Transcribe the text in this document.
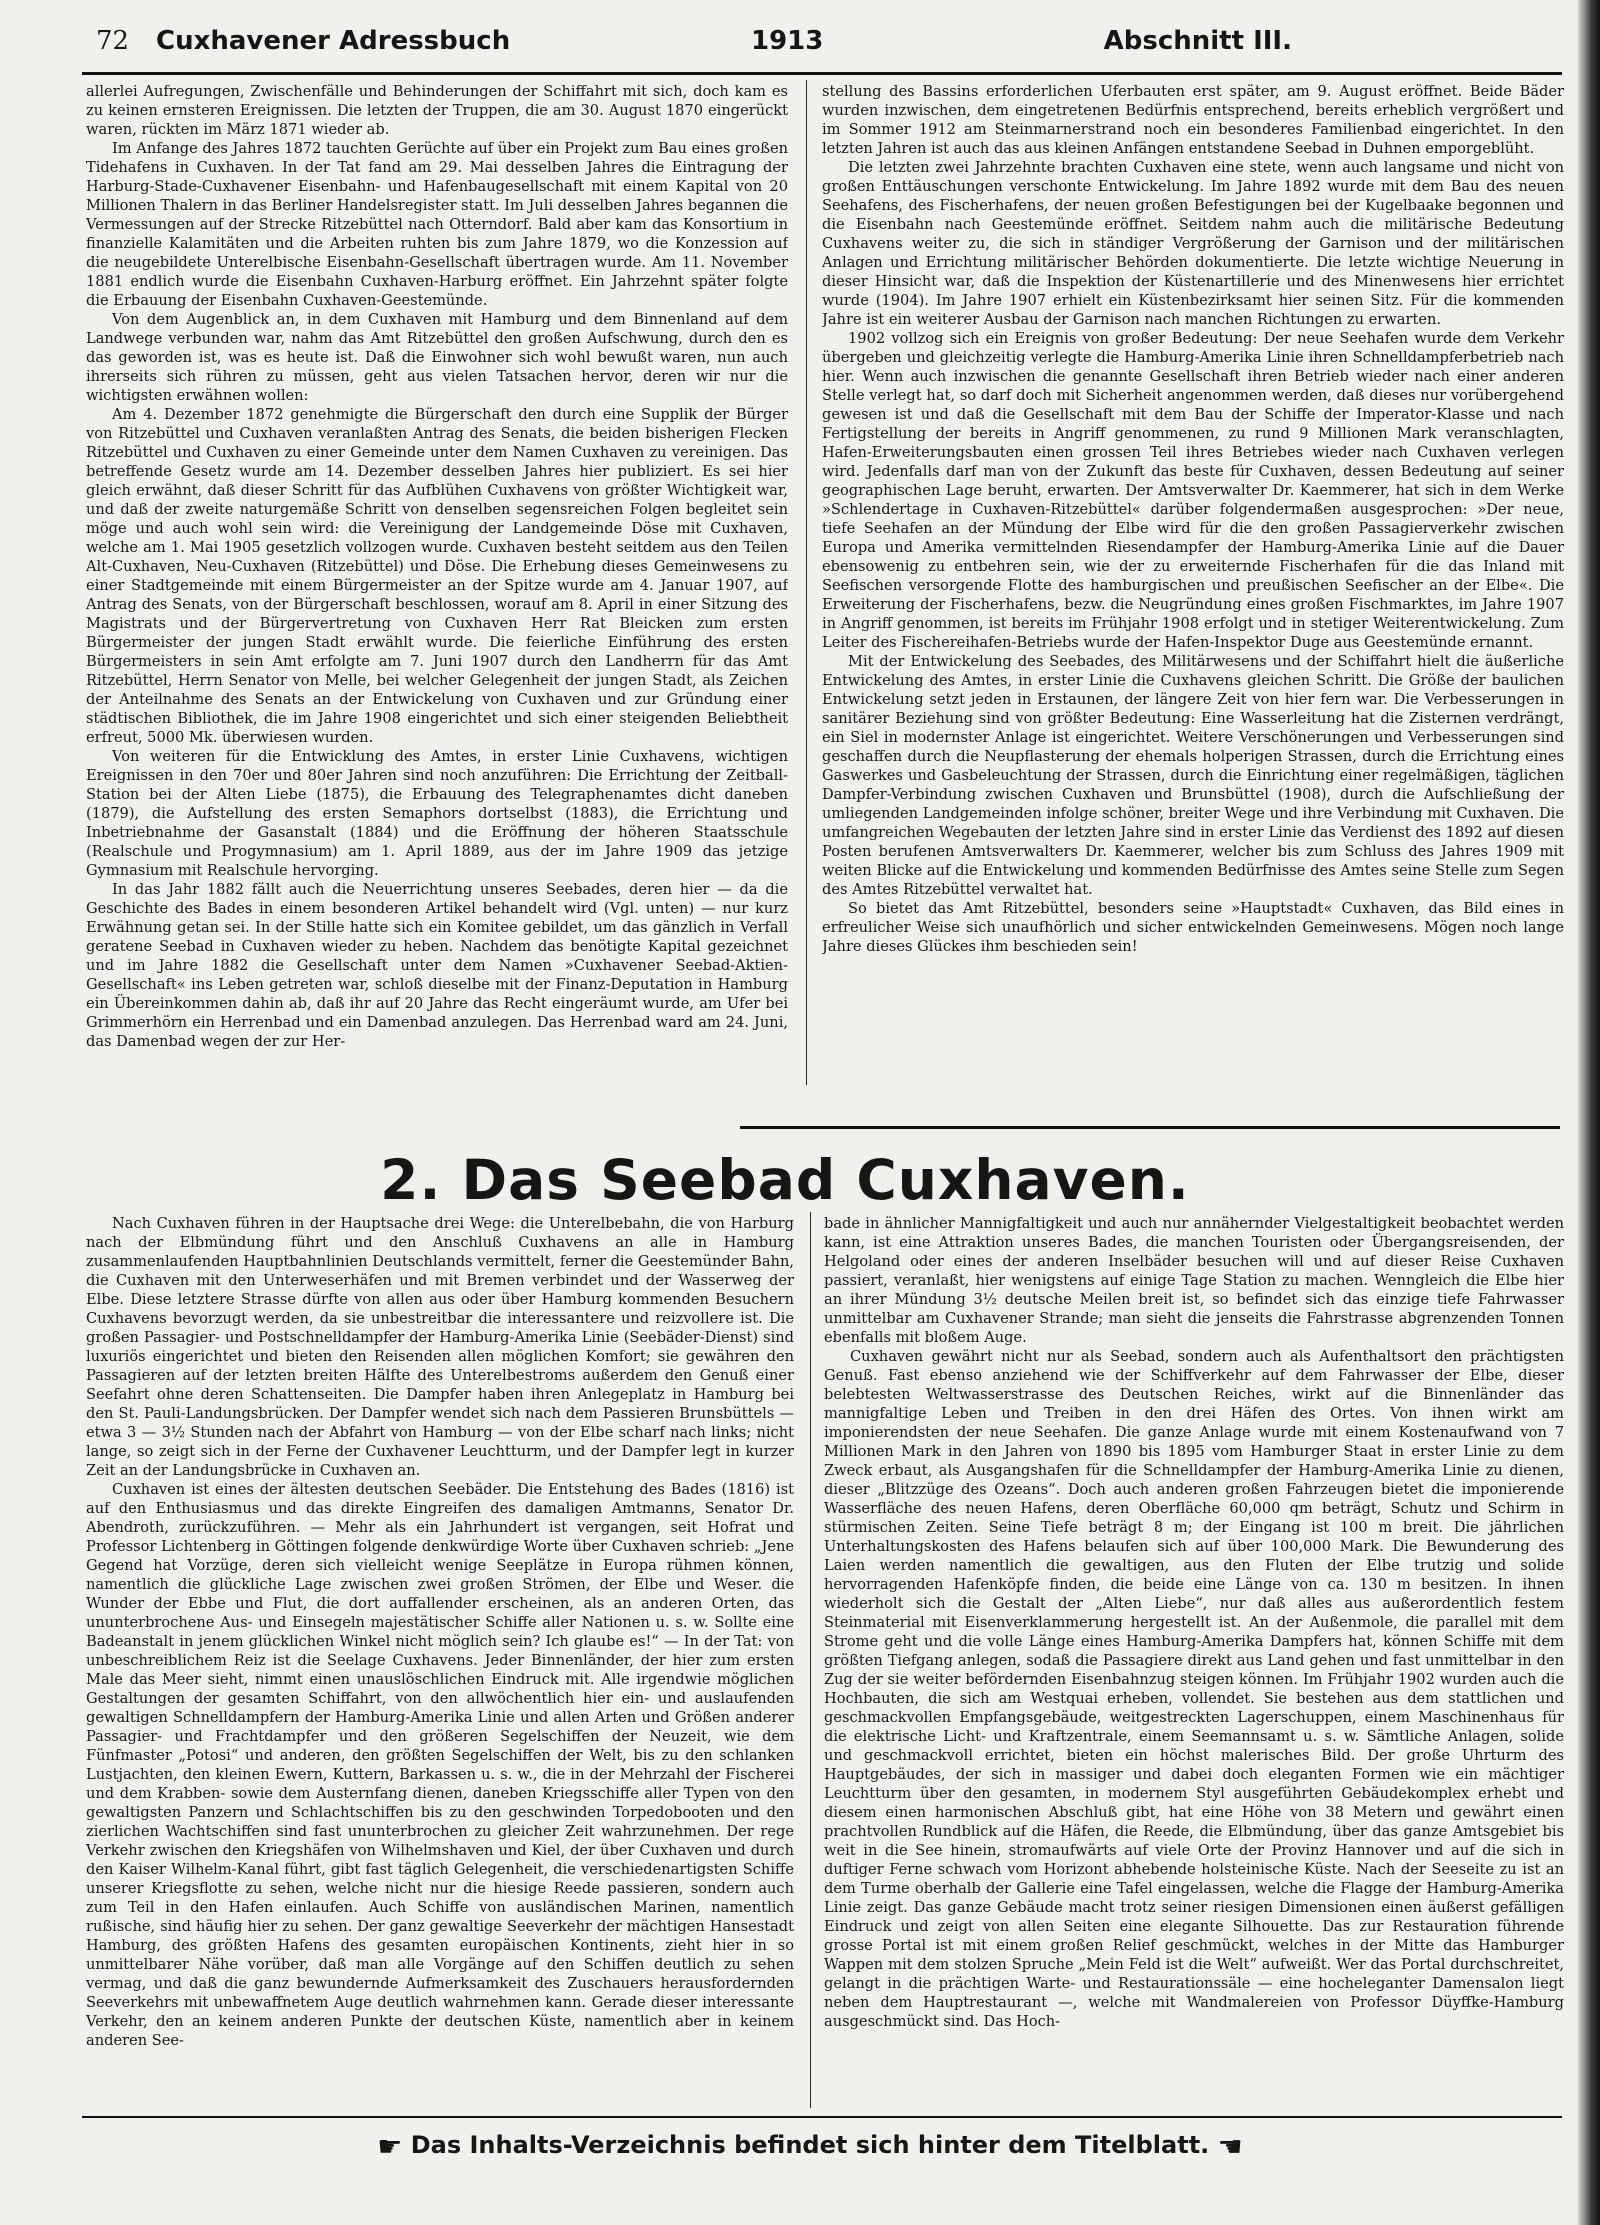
72 Cuxhavener Adressbuch	1913	Abschnitt III.

allerlei Aufregungen, Zwischenfälle und Behinderungen der Schiffahrt mit sich, doch kam es zu keinen ernsteren Ereignissen. Die letzten der Truppen, die am 30. August 1870 eingerückt waren, rückten im März 1871 wieder ab.

Im Anfange des Jahres 1872 tauchten Gerüchte auf über ein Projekt zum Bau eines großen Tidehafens in Cuxhaven. In der Tat fand am 29. Mai desselben Jahres die Eintragung der Harburg-Stade-Cuxhavener Eisenbahn- und Hafenbaugesellschaft mit einem Kapital von 20 Millionen Thalern in das Berliner Handelsregister statt. Im Juli desselben Jahres begannen die Vermessungen auf der Strecke Ritzebüttel nach Otterndorf. Bald aber kam das Konsortium in finanzielle Kalamitäten und die Arbeiten ruhten bis zum Jahre 1879, wo die Konzession auf die neugebildete Unterelbische Eisenbahn-Gesellschaft übertragen wurde. Am 11. November 1881 endlich wurde die Eisenbahn Cuxhaven-Harburg eröffnet. Ein Jahrzehnt später folgte die Erbauung der Eisenbahn Cuxhaven-Geestemünde.

Von dem Augenblick an, in dem Cuxhaven mit Hamburg und dem Binnenland auf dem Landwege verbunden war, nahm das Amt Ritzebüttel den großen Aufschwung, durch den es das geworden ist, was es heute ist. Daß die Einwohner sich wohl bewußt waren, nun auch ihrerseits sich rühren zu müssen, geht aus vielen Tatsachen hervor, deren wir nur die wichtigsten erwähnen wollen:

Am 4. Dezember 1872 genehmigte die Bürgerschaft den durch eine Supplik der Bürger von Ritzebüttel und Cuxhaven veranlaßten Antrag des Senats, die beiden bisherigen Flecken Ritzebüttel und Cuxhaven zu einer Gemeinde unter dem Namen Cuxhaven zu vereinigen. Das betreffende Gesetz wurde am 14. Dezember desselben Jahres hier publiziert. Es sei hier gleich erwähnt, daß dieser Schritt für das Aufblühen Cuxhavens von größter Wichtigkeit war, und daß der zweite naturgemäße Schritt von denselben segensreichen Folgen begleitet sein möge und auch wohl sein wird: die Vereinigung der Landgemeinde Döse mit Cuxhaven, welche am 1. Mai 1905 gesetzlich vollzogen wurde. Cuxhaven besteht seitdem aus den Teilen Alt-Cuxhaven, Neu-Cuxhaven (Ritzebüttel) und Döse. Die Erhebung dieses Gemeinwesens zu einer Stadtgemeinde mit einem Bürgermeister an der Spitze wurde am 4. Januar 1907, auf Antrag des Senats, von der Bürgerschaft beschlossen, worauf am 8. April in einer Sitzung des Magistrats und der Bürgervertretung von Cuxhaven Herr Rat Bleicken zum ersten Bürgermeister der jungen Stadt erwählt wurde. Die feierliche Einführung des ersten Bürgermeisters in sein Amt erfolgte am 7. Juni 1907 durch den Landherrn für das Amt Ritzebüttel, Herrn Senator von Melle, bei welcher Gelegenheit der jungen Stadt, als Zeichen der Anteilnahme des Senats an der Entwickelung von Cuxhaven und zur Gründung einer städtischen Bibliothek, die im Jahre 1908 eingerichtet und sich einer steigenden Beliebtheit erfreut, 5000 Mk. überwiesen wurden.

Von weiteren für die Entwicklung des Amtes, in erster Linie Cuxhavens, wichtigen Ereignissen in den 70er und 80er Jahren sind noch anzuführen: Die Errichtung der Zeitball-Station bei der Alten Liebe (1875), die Erbauung des Telegraphenamtes dicht daneben (1879), die Aufstellung des ersten Semaphors dortselbst (1883), die Errichtung und Inbetriebnahme der Gasanstalt (1884) und die Eröffnung der höheren Staatsschule (Realschule und Progymnasium) am 1. April 1889, aus der im Jahre 1909 das jetzige Gymnasium mit Realschule hervorging.

In das Jahr 1882 fällt auch die Neuerrichtung unseres Seebades, deren hier — da die Geschichte des Bades in einem besonderen Artikel behandelt wird (Vgl. unten) — nur kurz Erwähnung getan sei. In der Stille hatte sich ein Komitee gebildet, um das gänzlich in Verfall geratene Seebad in Cuxhaven wieder zu heben. Nachdem das benötigte Kapital gezeichnet und im Jahre 1882 die Gesellschaft unter dem Namen »Cuxhavener Seebad-Aktien-Gesellschaft« ins Leben getreten war, schloß dieselbe mit der Finanz-Deputation in Hamburg ein Übereinkommen dahin ab, daß ihr auf 20 Jahre das Recht eingeräumt wurde, am Ufer bei Grimmerhörn ein Herrenbad und ein Damenbad anzulegen. Das Herrenbad ward am 24. Juni, das Damenbad wegen der zur Her-

stellung des Bassins erforderlichen Uferbauten erst später, am 9. August eröffnet. Beide Bäder wurden inzwischen, dem eingetretenen Bedürfnis entsprechend, bereits erheblich vergrößert und im Sommer 1912 am Steinmarnerstrand noch ein besonderes Familienbad eingerichtet. In den letzten Jahren ist auch das aus kleinen Anfängen entstandene Seebad in Duhnen emporgeblüht.

Die letzten zwei Jahrzehnte brachten Cuxhaven eine stete, wenn auch langsame und nicht von großen Enttäuschungen verschonte Entwickelung. Im Jahre 1892 wurde mit dem Bau des neuen Seehafens, des Fischerhafens, der neuen großen Befestigungen bei der Kugelbaake begonnen und die Eisenbahn nach Geestemünde eröffnet. Seitdem nahm auch die militärische Bedeutung Cuxhavens weiter zu, die sich in ständiger Vergrößerung der Garnison und der militärischen Anlagen und Errichtung militärischer Behörden dokumentierte. Die letzte wichtige Neuerung in dieser Hinsicht war, daß die Inspektion der Küstenartillerie und des Minenwesens hier errichtet wurde (1904). Im Jahre 1907 erhielt ein Küstenbezirksamt hier seinen Sitz. Für die kommenden Jahre ist ein weiterer Ausbau der Garnison nach manchen Richtungen zu erwarten.

1902 vollzog sich ein Ereignis von großer Bedeutung: Der neue Seehafen wurde dem Verkehr übergeben und gleichzeitig verlegte die Hamburg-Amerika Linie ihren Schnelldampferbetrieb nach hier. Wenn auch inzwischen die genannte Gesellschaft ihren Betrieb wieder nach einer anderen Stelle verlegt hat, so darf doch mit Sicherheit angenommen werden, daß dieses nur vorübergehend gewesen ist und daß die Gesellschaft mit dem Bau der Schiffe der Imperator-Klasse und nach Fertigstellung der bereits in Angriff genommenen, zu rund 9 Millionen Mark veranschlagten, Hafen-Erweiterungsbauten einen grossen Teil ihres Betriebes wieder nach Cuxhaven verlegen wird. Jedenfalls darf man von der Zukunft das beste für Cuxhaven, dessen Bedeutung auf seiner geographischen Lage beruht, erwarten. Der Amtsverwalter Dr. Kaemmerer, hat sich in dem Werke »Schlendertage in Cuxhaven-Ritzebüttel« darüber folgendermaßen ausgesprochen: »Der neue, tiefe Seehafen an der Mündung der Elbe wird für die den großen Passagierverkehr zwischen Europa und Amerika vermittelnden Riesendampfer der Hamburg-Amerika Linie auf die Dauer ebensowenig zu entbehren sein, wie der zu erweiternde Fischerhafen für die das Inland mit Seefischen versorgende Flotte des hamburgischen und preußischen Seefischer an der Elbe«. Die Erweiterung der Fischerhafens, bezw. die Neugründung eines großen Fischmarktes, im Jahre 1907 in Angriff genommen, ist bereits im Frühjahr 1908 erfolgt und in stetiger Weiterentwickelung. Zum Leiter des Fischereihafen-Betriebs wurde der Hafen-Inspektor Duge aus Geestemünde ernannt.

Mit der Entwickelung des Seebades, des Militärwesens und der Schiffahrt hielt die äußerliche Entwickelung des Amtes, in erster Linie die Cuxhavens gleichen Schritt. Die Größe der baulichen Entwickelung setzt jeden in Erstaunen, der längere Zeit von hier fern war. Die Verbesserungen in sanitärer Beziehung sind von größter Bedeutung: Eine Wasserleitung hat die Zisternen verdrängt, ein Siel in modernster Anlage ist eingerichtet. Weitere Verschönerungen und Verbesserungen sind geschaffen durch die Neupflasterung der ehemals holperigen Strassen, durch die Errichtung eines Gaswerkes und Gasbeleuchtung der Strassen, durch die Einrichtung einer regelmäßigen, täglichen Dampfer-Verbindung zwischen Cuxhaven und Brunsbüttel (1908), durch die Aufschließung der umliegenden Landgemeinden infolge schöner, breiter Wege und ihre Verbindung mit Cuxhaven. Die umfangreichen Wegebauten der letzten Jahre sind in erster Linie das Verdienst des 1892 auf diesen Posten berufenen Amtsverwalters Dr. Kaemmerer, welcher bis zum Schluss des Jahres 1909 mit weiten Blicke auf die Entwickelung und kommenden Bedürfnisse des Amtes seine Stelle zum Segen des Amtes Ritzebüttel verwaltet hat.

So bietet das Amt Ritzebüttel, besonders seine »Hauptstadt« Cuxhaven, das Bild eines in erfreulicher Weise sich unaufhörlich und sicher entwickelnden Gemeinwesens. Mögen noch lange Jahre dieses Glückes ihm beschieden sein!

2. Das Seebad Cuxhaven.

Nach Cuxhaven führen in der Hauptsache drei Wege: die Unterelbebahn, die von Harburg nach der Elbmündung führt und den Anschluß Cuxhavens an alle in Hamburg zusammenlaufenden Hauptbahnlinien Deutschlands vermittelt, ferner die Geestemünder Bahn, die Cuxhaven mit den Unterweserhäfen und mit Bremen verbindet und der Wasserweg der Elbe. Diese letztere Strasse dürfte von allen aus oder über Hamburg kommenden Besuchern Cuxhavens bevorzugt werden, da sie unbestreitbar die interessantere und reizvollere ist. Die großen Passagier- und Postschnelldampfer der Hamburg-Amerika Linie (Seebäder-Dienst) sind luxuriös eingerichtet und bieten den Reisenden allen möglichen Komfort; sie gewähren den Passagieren auf der letzten breiten Hälfte des Unterelbestroms außerdem den Genuß einer Seefahrt ohne deren Schattenseiten. Die Dampfer haben ihren Anlegeplatz in Hamburg bei den St. Pauli-Landungsbrücken. Der Dampfer wendet sich nach dem Passieren Brunsbüttels — etwa 3 — 3½ Stunden nach der Abfahrt von Hamburg — von der Elbe scharf nach links; nicht lange, so zeigt sich in der Ferne der Cuxhavener Leuchtturm, und der Dampfer legt in kurzer Zeit an der Landungsbrücke in Cuxhaven an.

Cuxhaven ist eines der ältesten deutschen Seebäder. Die Entstehung des Bades (1816) ist auf den Enthusiasmus und das direkte Eingreifen des damaligen Amtmanns, Senator Dr. Abendroth, zurückzuführen. — Mehr als ein Jahrhundert ist vergangen, seit Hofrat und Professor Lichtenberg in Göttingen folgende denkwürdige Worte über Cuxhaven schrieb: „Jene Gegend hat Vorzüge, deren sich vielleicht wenige Seeplätze in Europa rühmen können, namentlich die glückliche Lage zwischen zwei großen Strömen, der Elbe und Weser. die Wunder der Ebbe und Flut, die dort auffallender erscheinen, als an anderen Orten, das ununterbrochene Aus- und Einsegeln majestätischer Schiffe aller Nationen u. s. w. Sollte eine Badeanstalt in jenem glücklichen Winkel nicht möglich sein? Ich glaube es!“ — In der Tat: von unbeschreiblichem Reiz ist die Seelage Cuxhavens. Jeder Binnenländer, der hier zum ersten Male das Meer sieht, nimmt einen unauslöschlichen Eindruck mit. Alle irgendwie möglichen Gestaltungen der gesamten Schiffahrt, von den allwöchentlich hier ein- und auslaufenden gewaltigen Schnelldampfern der Hamburg-Amerika Linie und allen Arten und Größen anderer Passagier- und Frachtdampfer und den größeren Segelschiffen der Neuzeit, wie dem Fünfmaster „Potosi“ und anderen, den größten Segelschiffen der Welt, bis zu den schlanken Lustjachten, den kleinen Ewern, Kuttern, Barkassen u. s. w., die in der Mehrzahl der Fischerei und dem Krabben- sowie dem Austernfang dienen, daneben Kriegsschiffe aller Typen von den gewaltigsten Panzern und Schlachtschiffen bis zu den geschwinden Torpedobooten und den zierlichen Wachtschiffen sind fast ununterbrochen zu gleicher Zeit wahrzunehmen. Der rege Verkehr zwischen den Kriegshäfen von Wilhelmshaven und Kiel, der über Cuxhaven und durch den Kaiser Wilhelm-Kanal führt, gibt fast täglich Gelegenheit, die verschiedenartigsten Schiffe unserer Kriegsflotte zu sehen, welche nicht nur die hiesige Reede passieren, sondern auch zum Teil in den Hafen einlaufen. Auch Schiffe von ausländischen Marinen, namentlich rußische, sind häufig hier zu sehen. Der ganz gewaltige Seeverkehr der mächtigen Hansestadt Hamburg, des größten Hafens des gesamten europäischen Kontinents, zieht hier in so unmittelbarer Nähe vorüber, daß man alle Vorgänge auf den Schiffen deutlich zu sehen vermag, und daß die ganz bewundernde Aufmerksamkeit des Zuschauers herausfordernden Seeverkehrs mit unbewaffnetem Auge deutlich wahrnehmen kann. Gerade dieser interessante Verkehr, den an keinem anderen Punkte der deutschen Küste, namentlich aber in keinem anderen See-

bade in ähnlicher Mannigfaltigkeit und auch nur annähernder Vielgestaltigkeit beobachtet werden kann, ist eine Attraktion unseres Bades, die manchen Touristen oder Übergangsreisenden, der Helgoland oder eines der anderen Inselbäder besuchen will und auf dieser Reise Cuxhaven passiert, veranlaßt, hier wenigstens auf einige Tage Station zu machen. Wenngleich die Elbe hier an ihrer Mündung 3½ deutsche Meilen breit ist, so befindet sich das einzige tiefe Fahrwasser unmittelbar am Cuxhavener Strande; man sieht die jenseits die Fahrstrasse abgrenzenden Tonnen ebenfalls mit bloßem Auge.

Cuxhaven gewährt nicht nur als Seebad, sondern auch als Aufenthaltsort den prächtigsten Genuß. Fast ebenso anziehend wie der Schiffverkehr auf dem Fahrwasser der Elbe, dieser belebtesten Weltwasserstrasse des Deutschen Reiches, wirkt auf die Binnenländer das mannigfaltige Leben und Treiben in den drei Häfen des Ortes. Von ihnen wirkt am imponierendsten der neue Seehafen. Die ganze Anlage wurde mit einem Kostenaufwand von 7 Millionen Mark in den Jahren von 1890 bis 1895 vom Hamburger Staat in erster Linie zu dem Zweck erbaut, als Ausgangshafen für die Schnelldampfer der Hamburg-Amerika Linie zu dienen, dieser „Blitzzüge des Ozeans“. Doch auch anderen großen Fahrzeugen bietet die imponierende Wasserfläche des neuen Hafens, deren Oberfläche 60,000 qm beträgt, Schutz und Schirm in stürmischen Zeiten. Seine Tiefe beträgt 8 m; der Eingang ist 100 m breit. Die jährlichen Unterhaltungskosten des Hafens belaufen sich auf über 100,000 Mark. Die Bewunderung des Laien werden namentlich die gewaltigen, aus den Fluten der Elbe trutzig und solide hervorragenden Hafenköpfe finden, die beide eine Länge von ca. 130 m besitzen. In ihnen wiederholt sich die Gestalt der „Alten Liebe“, nur daß alles aus außerordentlich festem Steinmaterial mit Eisenverklammerung hergestellt ist. An der Außenmole, die parallel mit dem Strome geht und die volle Länge eines Hamburg-Amerika Dampfers hat, können Schiffe mit dem größten Tiefgang anlegen, sodaß die Passagiere direkt aus Land gehen und fast unmittelbar in den Zug der sie weiter befördernden Eisenbahnzug steigen können. Im Frühjahr 1902 wurden auch die Hochbauten, die sich am Westquai erheben, vollendet. Sie bestehen aus dem stattlichen und geschmackvollen Empfangsgebäude, weitgestreckten Lagerschuppen, einem Maschinenhaus für die elektrische Licht- und Kraftzentrale, einem Seemannsamt u. s. w. Sämtliche Anlagen, solide und geschmackvoll errichtet, bieten ein höchst malerisches Bild. Der große Uhrturm des Hauptgebäudes, der sich in massiger und dabei doch eleganten Formen wie ein mächtiger Leuchtturm über den gesamten, in modernem Styl ausgeführten Gebäudekomplex erhebt und diesem einen harmonischen Abschluß gibt, hat eine Höhe von 38 Metern und gewährt einen prachtvollen Rundblick auf die Häfen, die Reede, die Elbmündung, über das ganze Amtsgebiet bis weit in die See hinein, stromaufwärts auf viele Orte der Provinz Hannover und auf die sich in duftiger Ferne schwach vom Horizont abhebende holsteinische Küste. Nach der Seeseite zu ist an dem Turme oberhalb der Gallerie eine Tafel eingelassen, welche die Flagge der Hamburg-Amerika Linie zeigt. Das ganze Gebäude macht trotz seiner riesigen Dimensionen einen äußerst gefälligen Eindruck und zeigt von allen Seiten eine elegante Silhouette. Das zur Restauration führende grosse Portal ist mit einem großen Relief geschmückt, welches in der Mitte das Hamburger Wappen mit dem stolzen Spruche „Mein Feld ist die Welt“ aufweißt. Wer das Portal durchschreitet, gelangt in die prächtigen Warte- und Restaurationssäle — eine hocheleganter Damensalon liegt neben dem Hauptrestaurant —, welche mit Wandmalereien von Professor Düyffke-Hamburg ausgeschmückt sind. Das Hoch-

☛ Das Inhalts-Verzeichnis befindet sich hinter dem Titelblatt. ☚
